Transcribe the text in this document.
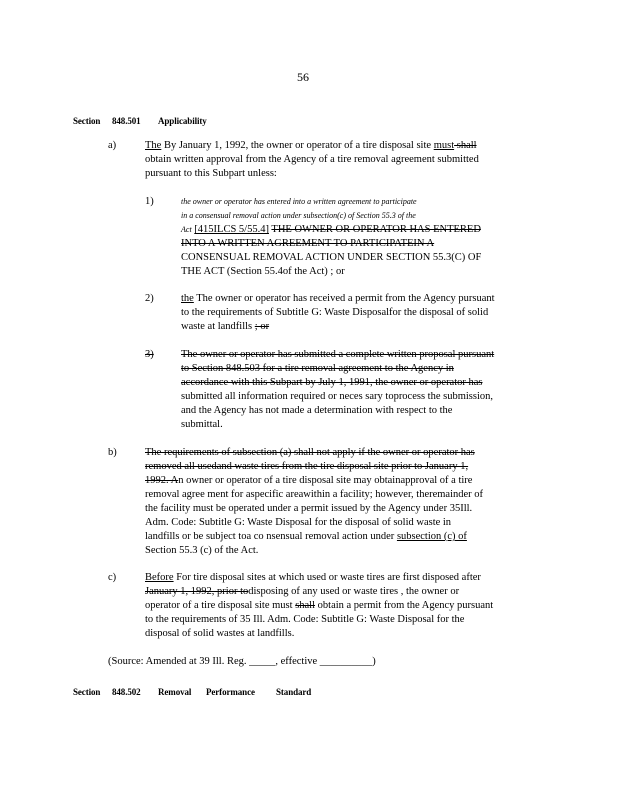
56
Section 848.501 Applicability
a)	The By January 1, 1992, the owner or operator of a tire disposal site must shall
obtain written approval from the Agency of a tire removal agreement submitted
pursuant to this Subpart unless:
1)	the owner or operator has entered into a written agreement to participate
in a consensual removal action under subsection(c) of Section 55.3 of the
Act [415ILCS 5/55.4] THE OWNER OR OPERATOR HAS ENTERED
INTO A WRITTEN AGREEMENT TO PARTICIPATEIN A
CONSENSUAL REMOVAL ACTION UNDER SECTION 55.3(C) OF
THE ACT (Section 55.4of the Act) ; or
2)	the The owner or operator has received a permit from the Agency pursuant
to the requirements of Subtitle G: Waste Disposalfor the disposal of solid
waste at landfills ; or
3)	The owner or operator has submitted a complete written proposal pursuant
to Section 848.503 for a tire removal agreement to the Agency in
accordance with this Subpart by July 1, 1991, the owner or operator has
submitted all information required or neces sary toprocess the submission,
and the Agency has not made a determination with respect to the
submittal.
b)	The requirements of subsection (a) shall not apply if the owner or operator has
removed all usedand waste tires from the tire disposal site prior to January 1,
1992. An owner or operator of a tire disposal site may obtainapproval of a tire
removal agree ment for aspecific areawithin a facility; however, theremainder of
the facility must be operated under a permit issued by the Agency under 35Ill.
Adm. Code: Subtitle G: Waste Disposal for the disposal of solid waste in
landfills or be subject toa co nsensual removal action under subsection (c) of
Section 55.3 (c) of the Act.
c)	Before For tire disposal sites at which used or waste tires are first disposed after
January 1, 1992, prior todisposing of any used or waste tires , the owner or
operator of a tire disposal site must shall obtain a permit from the Agency pursuant
to the requirements of 35 Ill. Adm. Code: Subtitle G: Waste Disposal for the
disposal of solid wastes at landfills.
(Source: Amended at 39 Ill. Reg. _____, effective __________)
Section 848.502 Removal Performance Standard
